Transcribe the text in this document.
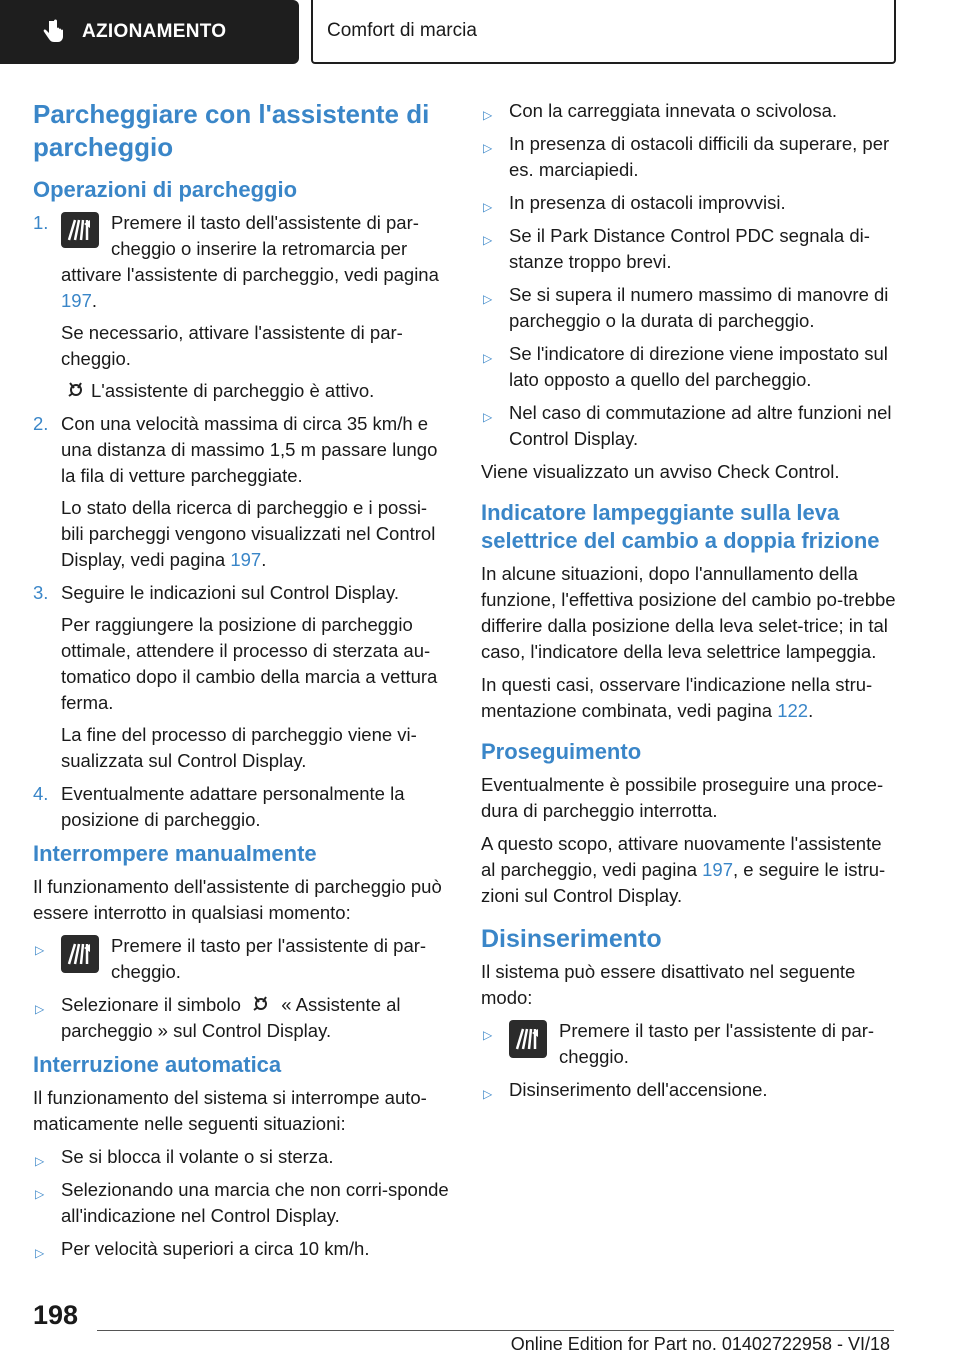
AZIONAMENTO	Comfort di marcia
Parcheggiare con l'assistente di parcheggio
Operazioni di parcheggio
1.	Premere il tasto dell'assistente di par-cheggio o inserire la retromarcia per attivare l'assistente di parcheggio, vedi pagina 197.

Se necessario, attivare l'assistente di par-cheggio.

L'assistente di parcheggio è attivo.

2. Con una velocità massima di circa 35 km/h e una distanza di massimo 1,5 m passare lungo la fila di vetture parcheggiate.

Lo stato della ricerca di parcheggio e i possi-bili parcheggi vengono visualizzati nel Control Display, vedi pagina 197.

3. Seguire le indicazioni sul Control Display.

Per raggiungere la posizione di parcheggio ottimale, attendere il processo di sterzata au-tomatico dopo il cambio della marcia a vettura ferma.

La fine del processo di parcheggio viene vi-sualizzata sul Control Display.

4. Eventualmente adattare personalmente la posizione di parcheggio.
Interrompere manualmente

Il funzionamento dell'assistente di parcheggio può essere interrotto in qualsiasi momento:

▷	Premere il tasto per l'assistente di par-cheggio.
▷ Selezionare il simbolo « Assistente al parcheggio » sul Control Display.
Interruzione automatica

Il funzionamento del sistema si interrompe auto-maticamente nelle seguenti situazioni:

▷ Se si blocca il volante o si sterza.
▷ Selezionando una marcia che non corri-sponde all'indicazione nel Control Display.
▷ Per velocità superiori a circa 10 km/h.
▷ Con la carreggiata innevata o scivolosa.
▷ In presenza di ostacoli difficili da superare, per es. marciapiedi.
▷ In presenza di ostacoli improvvisi.
▷ Se il Park Distance Control PDC segnala di-stanze troppo brevi.
▷ Se si supera il numero massimo di manovre di parcheggio o la durata di parcheggio.
▷ Se l'indicatore di direzione viene impostato sul lato opposto a quello del parcheggio.
▷ Nel caso di commutazione ad altre funzioni nel Control Display.

Viene visualizzato un avviso Check Control.

Indicatore lampeggiante sulla leva selettrice del cambio a doppia frizione

In alcune situazioni, dopo l'annullamento della funzione, l'effettiva posizione del cambio po-trebbe differire dalla posizione della leva selet-trice; in tal caso, l'indicatore della leva selettrice lampeggia.

In questi casi, osservare l'indicazione nella stru-mentazione combinata, vedi pagina 122.

Proseguimento

Eventualmente è possibile proseguire una proce-dura di parcheggio interrotta.

A questo scopo, attivare nuovamente l'assistente al parcheggio, vedi pagina 197, e seguire le istru-zioni sul Control Display.

Disinserimento

Il sistema può essere disattivato nel seguente modo:

▷	Premere il tasto per l'assistente di par-cheggio.
▷ Disinserimento dell'accensione.
198
Online Edition for Part no. 01402722958 - VI/18
